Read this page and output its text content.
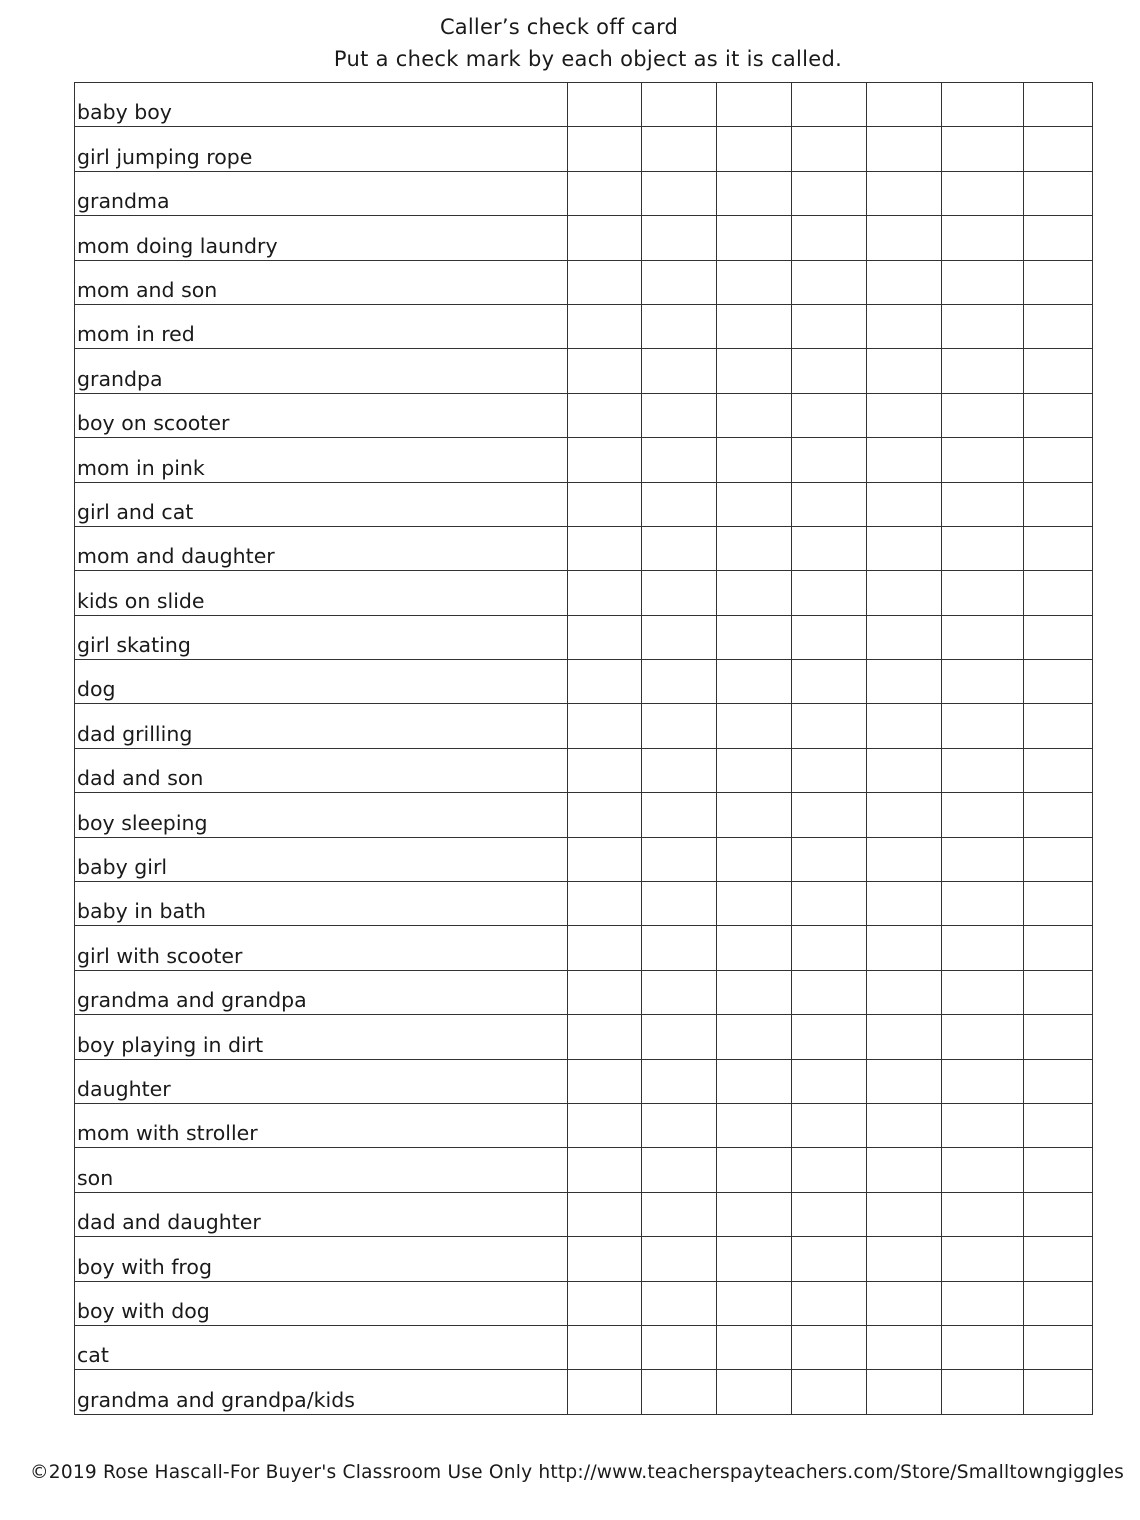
Caller’s check off card
Put a check mark by each object as it is called.
baby boy							
girl jumping rope							
grandma							
mom doing laundry							
mom and son							
mom in red							
grandpa							
boy on scooter							
mom in pink							
girl and cat							
mom and daughter							
kids on slide							
girl skating							
dog							
dad grilling							
dad and son							
boy sleeping							
baby girl							
baby in bath							
girl with scooter							
grandma and grandpa							
boy playing in dirt							
daughter							
mom with stroller							
son							
dad and daughter							
boy with frog							
boy with dog							
cat							
grandma and grandpa/kids							
©2019 Rose Hascall-For Buyer's Classroom Use Only http://www.teacherspayteachers.com/Store/Smalltowngiggles
